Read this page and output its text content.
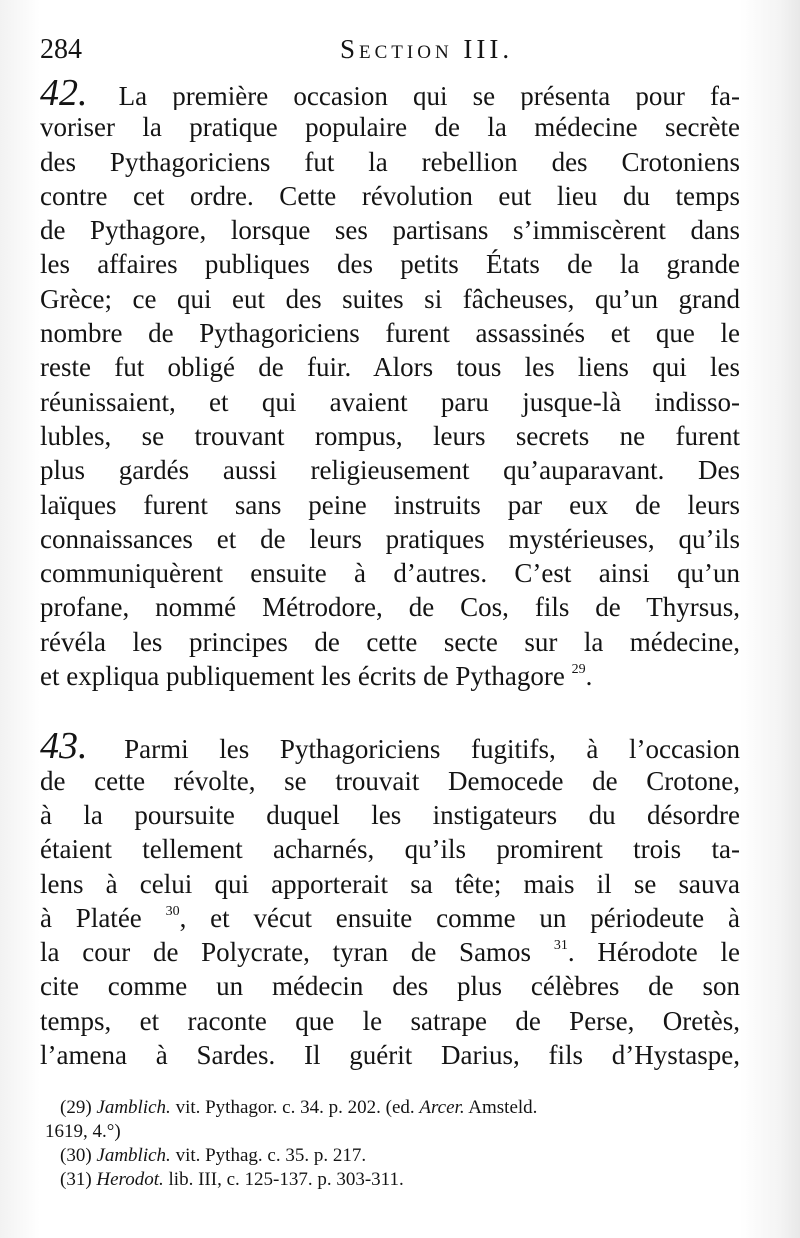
284	Section III.
42. La première occasion qui se présenta pour fa-
voriser la pratique populaire de la médecine secrète
des Pythagoriciens fut la rebellion des Crotoniens
contre cet ordre. Cette révolution eut lieu du temps
de Pythagore, lorsque ses partisans s’immiscèrent dans
les affaires publiques des petits États de la grande
Grèce; ce qui eut des suites si fâcheuses, qu’un grand
nombre de Pythagoriciens furent assassinés et que le
reste fut obligé de fuir. Alors tous les liens qui les
réunissaient, et qui avaient paru jusque-là indisso-
lubles, se trouvant rompus, leurs secrets ne furent
plus gardés aussi religieusement qu’auparavant. Des
laïques furent sans peine instruits par eux de leurs
connaissances et de leurs pratiques mystérieuses, qu’ils
communiquèrent ensuite à d’autres. C’est ainsi qu’un
profane, nommé Métrodore, de Cos, fils de Thyrsus,
révéla les principes de cette secte sur la médecine,
et expliqua publiquement les écrits de Pythagore $^{29}$.
43. Parmi les Pythagoriciens fugitifs, à l’occasion
de cette révolte, se trouvait Democede de Crotone,
à la poursuite duquel les instigateurs du désordre
étaient tellement acharnés, qu’ils promirent trois ta-
lens à celui qui apporterait sa tête; mais il se sauva
à Platée $^{30}$, et vécut ensuite comme un périodeute à
la cour de Polycrate, tyran de Samos $^{31}$. Hérodote le
cite comme un médecin des plus célèbres de son
temps, et raconte que le satrape de Perse, Oretès,
l’amena à Sardes. Il guérit Darius, fils d’Hystaspe,
(29) Jamblich. vit. Pythagor. c. 34. p. 202. (ed. Arcer. Amsteld.
1619, 4.°)
(30) Jamblich. vit. Pythag. c. 35. p. 217.
(31) Herodot. lib. III, c. 125-137. p. 303-311.
